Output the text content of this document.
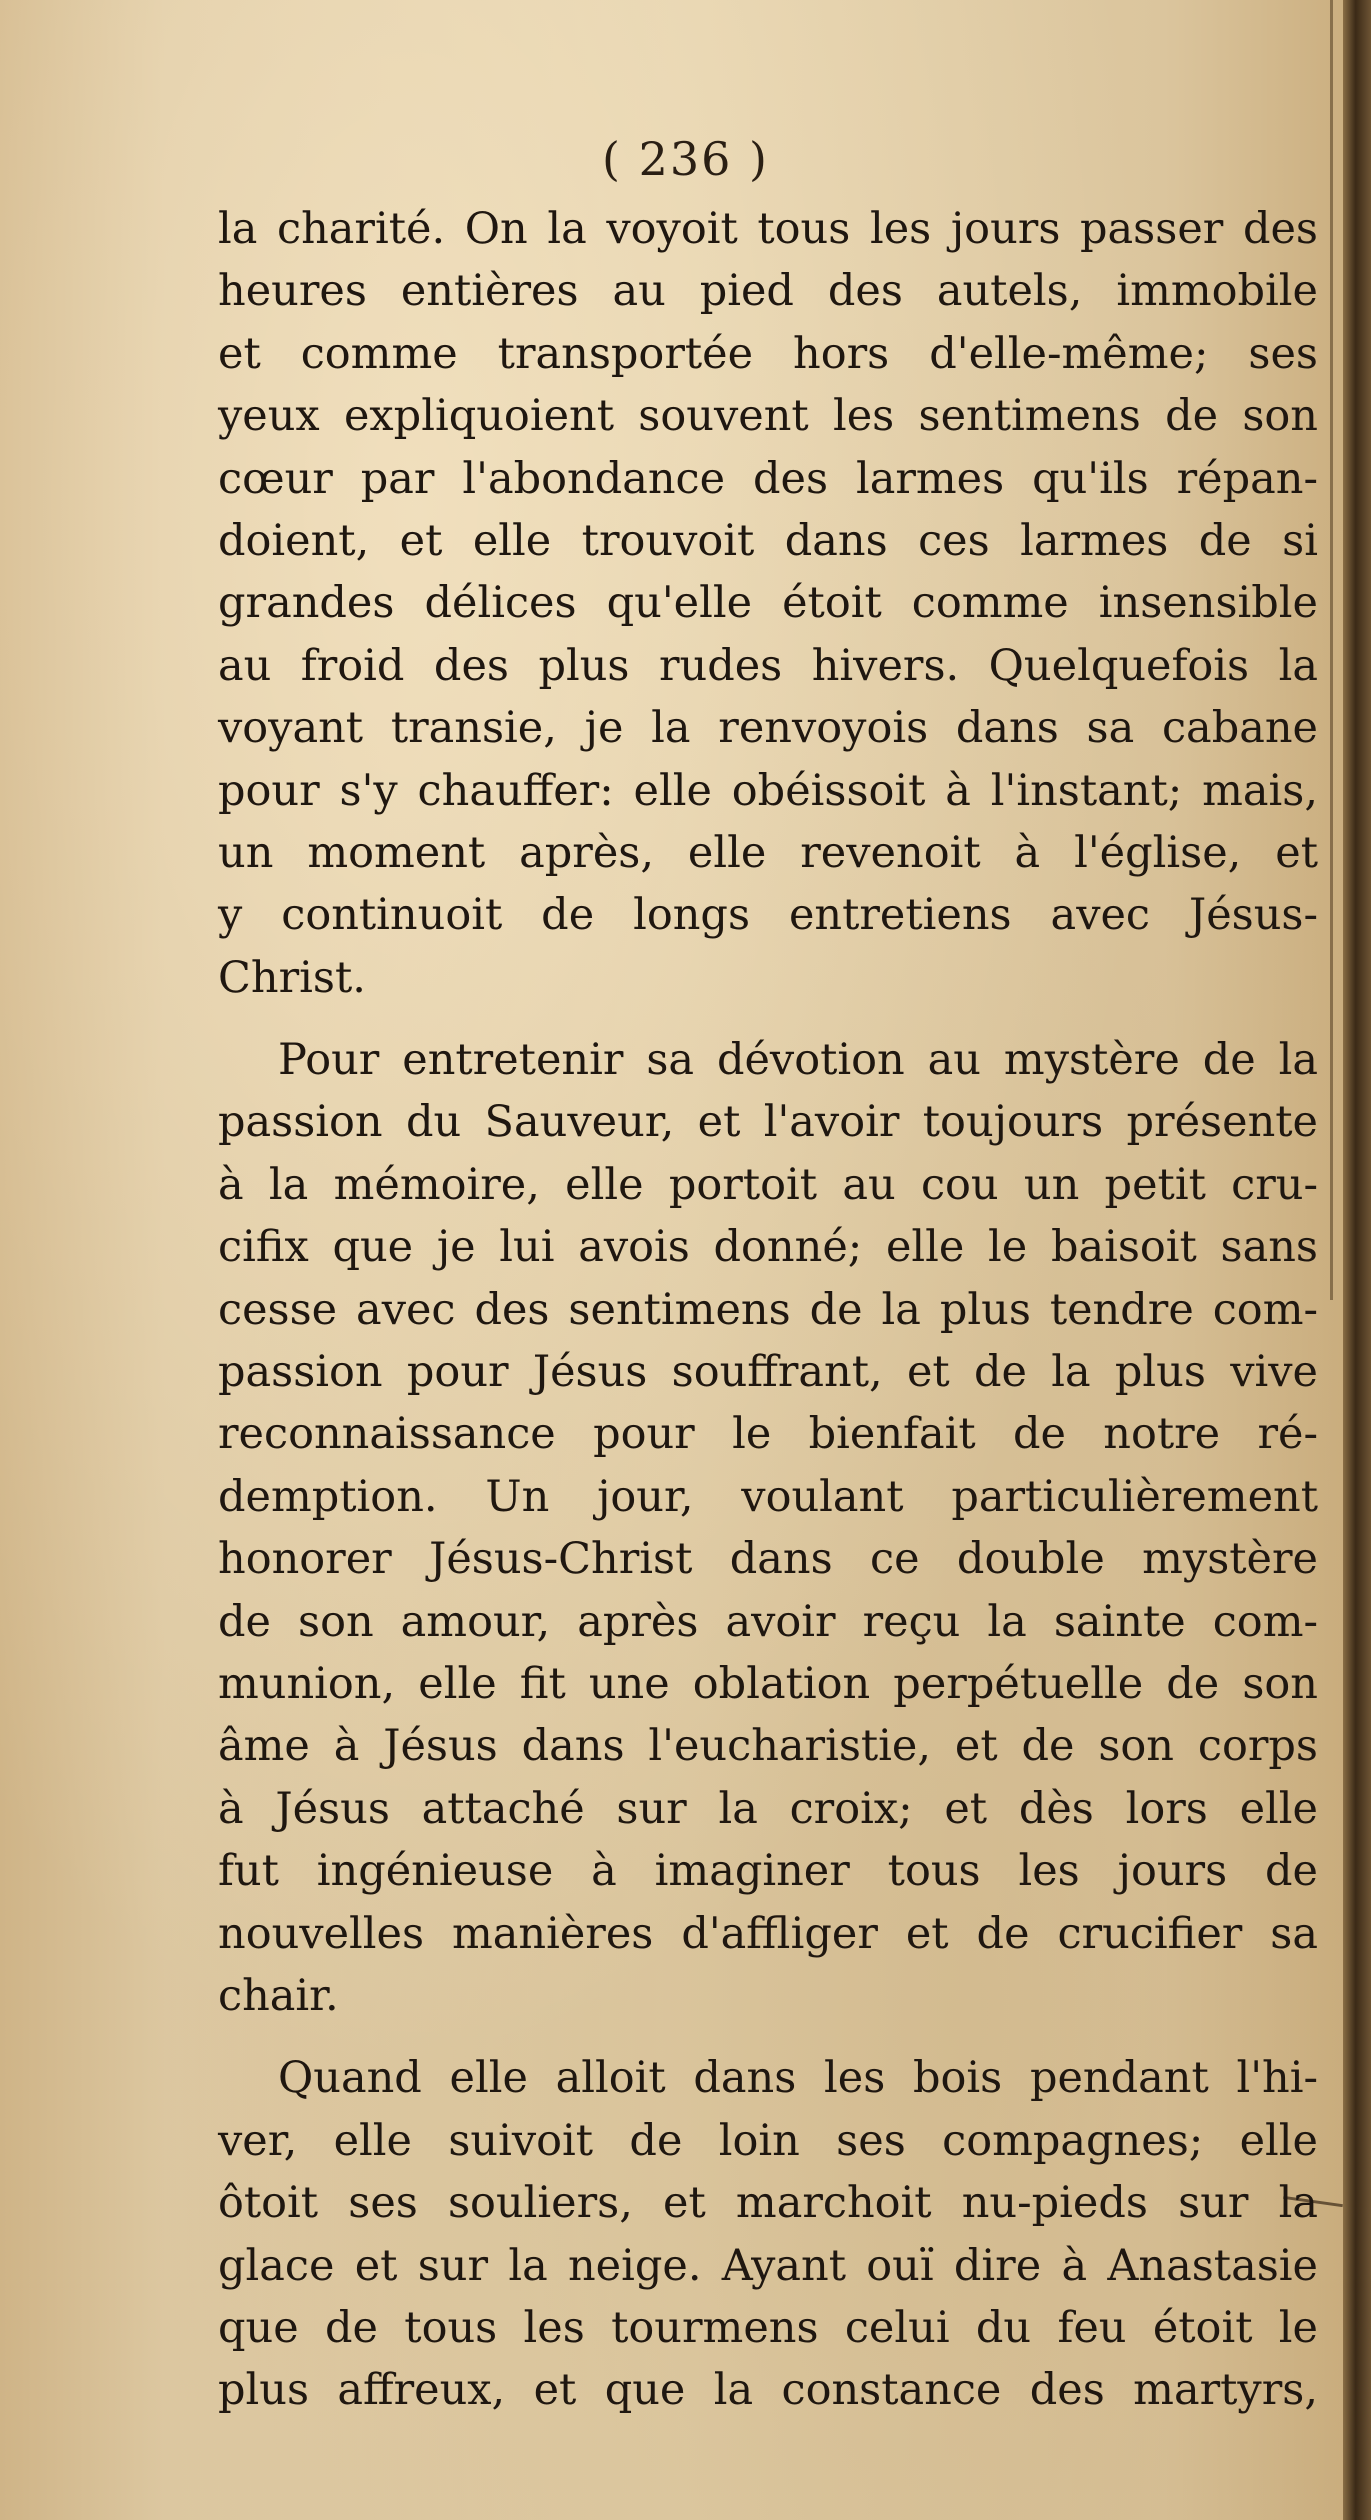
( 236 )
la charité. On la voyoit tous les jours passer des
heures entières au pied des autels, immobile
et comme transportée hors d'elle-même; ses
yeux expliquoient souvent les sentimens de son
cœur par l'abondance des larmes qu'ils répan-
doient, et elle trouvoit dans ces larmes de si
grandes délices qu'elle étoit comme insensible
au froid des plus rudes hivers. Quelquefois la
voyant transie, je la renvoyois dans sa cabane
pour s'y chauffer: elle obéissoit à l'instant; mais,
un moment après, elle revenoit à l'église, et
y continuoit de longs entretiens avec Jésus-
Christ.
Pour entretenir sa dévotion au mystère de la
passion du Sauveur, et l'avoir toujours présente
à la mémoire, elle portoit au cou un petit cru-
cifix que je lui avois donné; elle le baisoit sans
cesse avec des sentimens de la plus tendre com-
passion pour Jésus souffrant, et de la plus vive
reconnaissance pour le bienfait de notre ré-
demption. Un jour, voulant particulièrement
honorer Jésus-Christ dans ce double mystère
de son amour, après avoir reçu la sainte com-
munion, elle fit une oblation perpétuelle de son
âme à Jésus dans l'eucharistie, et de son corps
à Jésus attaché sur la croix; et dès lors elle
fut ingénieuse à imaginer tous les jours de
nouvelles manières d'affliger et de crucifier sa
chair.
Quand elle alloit dans les bois pendant l'hi-
ver, elle suivoit de loin ses compagnes; elle
ôtoit ses souliers, et marchoit nu-pieds sur la
glace et sur la neige. Ayant ouï dire à Anastasie
que de tous les tourmens celui du feu étoit le
plus affreux, et que la constance des martyrs,
